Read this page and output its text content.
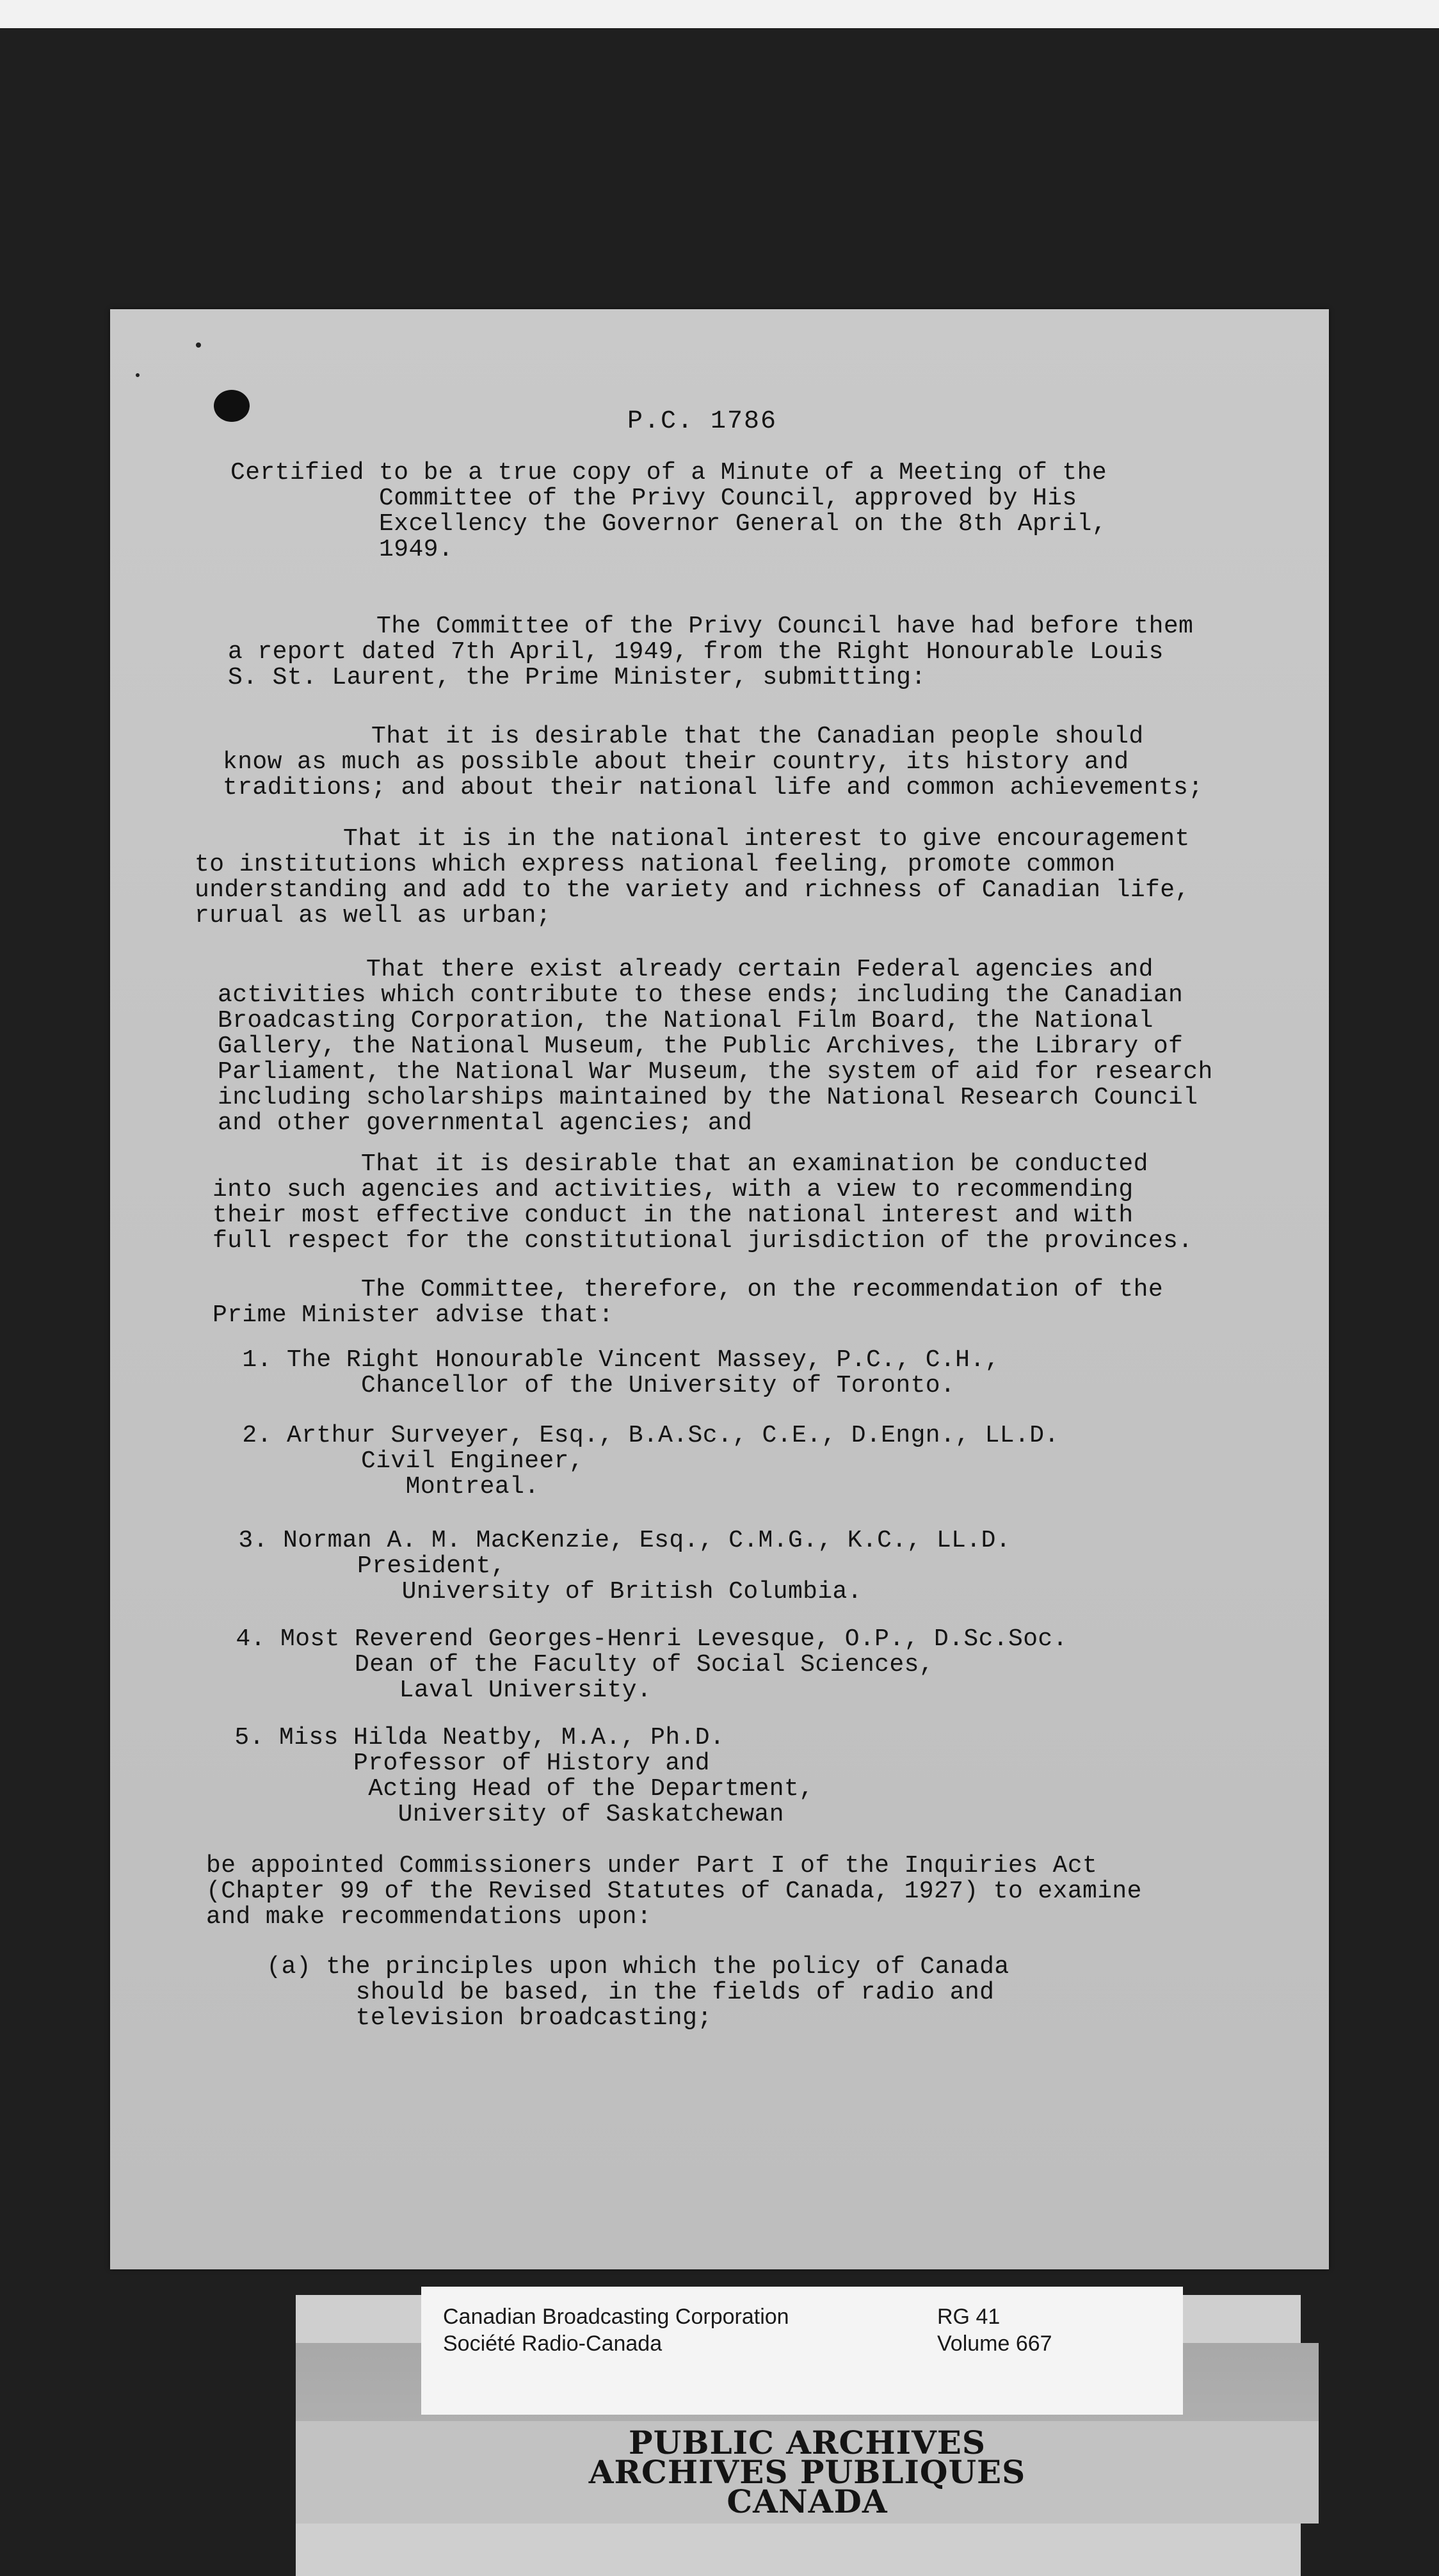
P.C. 1786

Certified to be a true copy of a Minute of a Meeting of the
Committee of the Privy Council, approved by His
Excellency the Governor General on the 8th April,
1949.

The Committee of the Privy Council have had before them
a report dated 7th April, 1949, from the Right Honourable Louis
S. St. Laurent, the Prime Minister, submitting:

That it is desirable that the Canadian people should
know as much as possible about their country, its history and
traditions; and about their national life and common achievements;

That it is in the national interest to give encouragement
to institutions which express national feeling, promote common
understanding and add to the variety and richness of Canadian life,
rurual as well as urban;

That there exist already certain Federal agencies and
activities which contribute to these ends; including the Canadian
Broadcasting Corporation, the National Film Board, the National
Gallery, the National Museum, the Public Archives, the Library of
Parliament, the National War Museum, the system of aid for research
including scholarships maintained by the National Research Council
and other governmental agencies; and

That it is desirable that an examination be conducted
into such agencies and activities, with a view to recommending
their most effective conduct in the national interest and with
full respect for the constitutional jurisdiction of the provinces.

The Committee, therefore, on the recommendation of the
Prime Minister advise that:

1. The Right Honourable Vincent Massey, P.C., C.H.,
Chancellor of the University of Toronto.

2. Arthur Surveyer, Esq., B.A.Sc., C.E., D.Engn., LL.D.
Civil Engineer,
Montreal.

3. Norman A. M. MacKenzie, Esq., C.M.G., K.C., LL.D.
President,
University of British Columbia.

4. Most Reverend Georges-Henri Levesque, O.P., D.Sc.Soc.
Dean of the Faculty of Social Sciences,
Laval University.

5. Miss Hilda Neatby, M.A., Ph.D.
Professor of History and
Acting Head of the Department,
University of Saskatchewan

be appointed Commissioners under Part I of the Inquiries Act
(Chapter 99 of the Revised Statutes of Canada, 1927) to examine
and make recommendations upon:

(a) the principles upon which the policy of Canada
should be based, in the fields of radio and
television broadcasting;

Canadian Broadcasting Corporation
Société Radio-Canada
RG 41
Volume 667
PUBLIC ARCHIVES
ARCHIVES PUBLIQUES
CANADA
